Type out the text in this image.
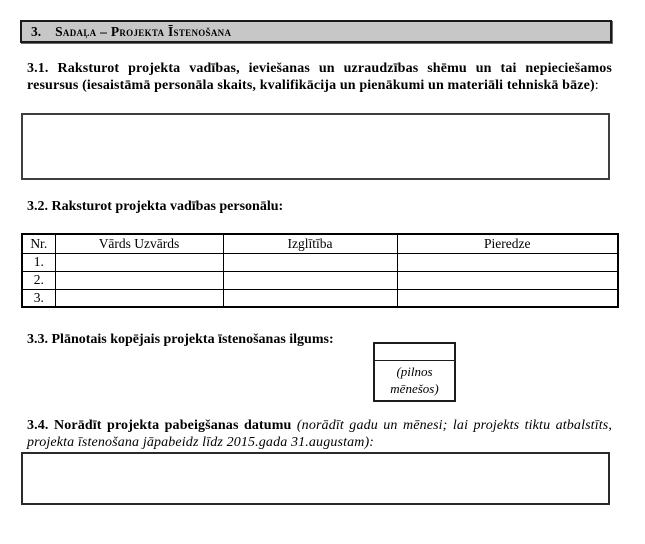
3. Sadaļa – Projekta Īstenošana
3.1. Raksturot projekta vadības, ieviešanas un uzraudzības shēmu un tai nepieciešamos resursus (iesaistāmā personāla skaits, kvalifikācija un pienākumi un materiāli tehniskā bāze):
3.2. Raksturot projekta vadības personālu:
Nr.	Vārds Uzvārds	Izglītība	Pieredze
1.			
2.			
3.			
3.3. Plānotais kopējais projekta īstenošanas ilgums:
(pilnos mēnešos)
3.4. Norādīt projekta pabeigšanas datumu (norādīt gadu un mēnesi; lai projekts tiktu atbalstīts, projekta īstenošana jāpabeidz līdz 2015.gada 31.augustam):
